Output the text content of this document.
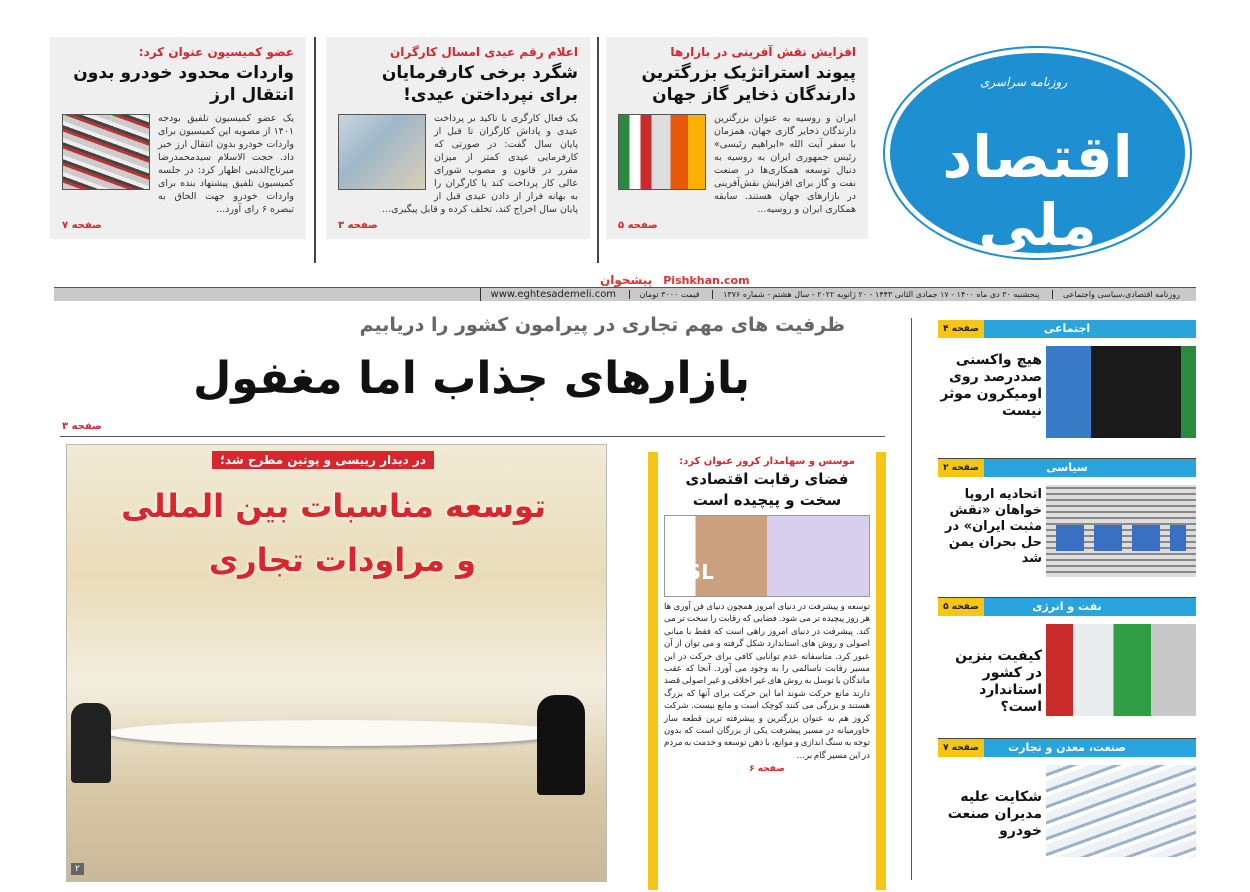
روزنامه سراسری
اقتصاد ملی
افزایش نقش آفرینی در بازارها
پیوند استراتژیک بزرگترین دارندگان ذخایر گاز جهان
ایران و روسیه به عنوان بزرگترین دارندگان ذخایر گازی جهان، همزمان با سفر آیت الله «ابراهیم رئیسی» رئیس جمهوری ایران به روسیه به دنبال توسعه همکاری‌ها در صنعت نفت و گاز برای افزایش نقش‌آفرینی در بازارهای جهان هستند. سابقه همکاری ایران و روسیه...
صفحه ۵
اعلام رقم عیدی امسال کارگران
شگرد برخی کارفرمایان برای نپرداختن عیدی!
یک فعال کارگری با تاکید بر پرداخت عیدی و پاداش کارگران تا قبل از پایان سال گفت: در صورتی که کارفرمایی عیدی کمتر از میزان مقرر در قانون و مصوب شورای عالی کار پرداخت کند یا کارگران را به بهانه فرار از دادن عیدی قبل از پایان سال اخراج کند، تخلف کرده و قابل پیگیری...
صفحه ۳
عضو کمیسیون عنوان کرد:
واردات محدود خودرو بدون انتقال ارز
یک عضو کمیسیون تلفیق بودجه ۱۴۰۱ از مصوبه این کمیسیون برای واردات خودرو بدون انتقال ارز خبر داد. حجت الاسلام سیدمحمدرضا میرتاج‌الدینی اظهار کرد: در جلسه کمیسیون تلفیق پیشنهاد بنده برای واردات خودرو جهت الحاق به تبصره ۶ رای آورد...
صفحه ۷
پیشخوان Pishkhan.com
روزنامه اقتصادی،سیاسی واجتماعی پنجشنبه ۳۰ دی ماه ۱۴۰۰ - ۱۷ جمادی الثانی ۱۴۴۳ - ۲۰ ژانویه ۲۰۲۲ - سال هشتم - شماره ۱۳۷۶ قیمت ۳۰۰۰ تومان www.eghtesademeli.com
ظرفیت های مهم تجاری در پیرامون کشور را دریابیم
بازارهای جذاب اما مغفول
صفحه ۳
در دیدار رییسی و پوتین مطرح شد؛
توسعه مناسبات بین المللی
و مراودات تجاری
۲
موسس و سهامدار کروز عنوان کرد:
فضای رقابت اقتصادی
سخت و پیچیده است
ESL
توسعه و پیشرفت در دنیای امروز همچون دنیای فن آوری ها هر روز پیچیده تر می شود. فضایی که رقابت را سخت تر می کند. پیشرفت در دنیای امروز راهی است که فقط با مبانی اصولی و روش های استاندارد شکل گرفته و می توان از آن عبور کرد. متاسفانه عدم توانایی کافی برای حرکت در این مسیر رقابت ناسالمی را به وجود می آورد. آنجا که عقب ماندگان با توسل به روش های غیر اخلاقی و غیر اصولی قصد دارند مانع حرکت شوند اما این حرکت برای آنها که بزرگ هستند و بزرگی می کنند کوچک است و مانع نیست. شرکت کروز هم به عنوان بزرگترین و پیشرفته ترین قطعه ساز خاورمیانه در مسیر پیشرفت یکی از بزرگان است که بدون توجه به سنگ اندازی و موانع، با ذهن توسعه و خدمت به مردم در این مسیر گام بر...
صفحه ۶
اجتماعی
صفحه ۴
هیچ واکسنی صددرصد روی اومیکرون موثر نیست
سیاسی
صفحه ۲
اتحادیه اروپا خواهان «نقش مثبت ایران» در حل بحران یمن شد
نفت و انرژی
صفحه ۵
کیفیت بنزین در کشور استاندارد است؟
صنعت، معدن و تجارت
صفحه ۷
شکایت علیه مدیران صنعت خودرو
